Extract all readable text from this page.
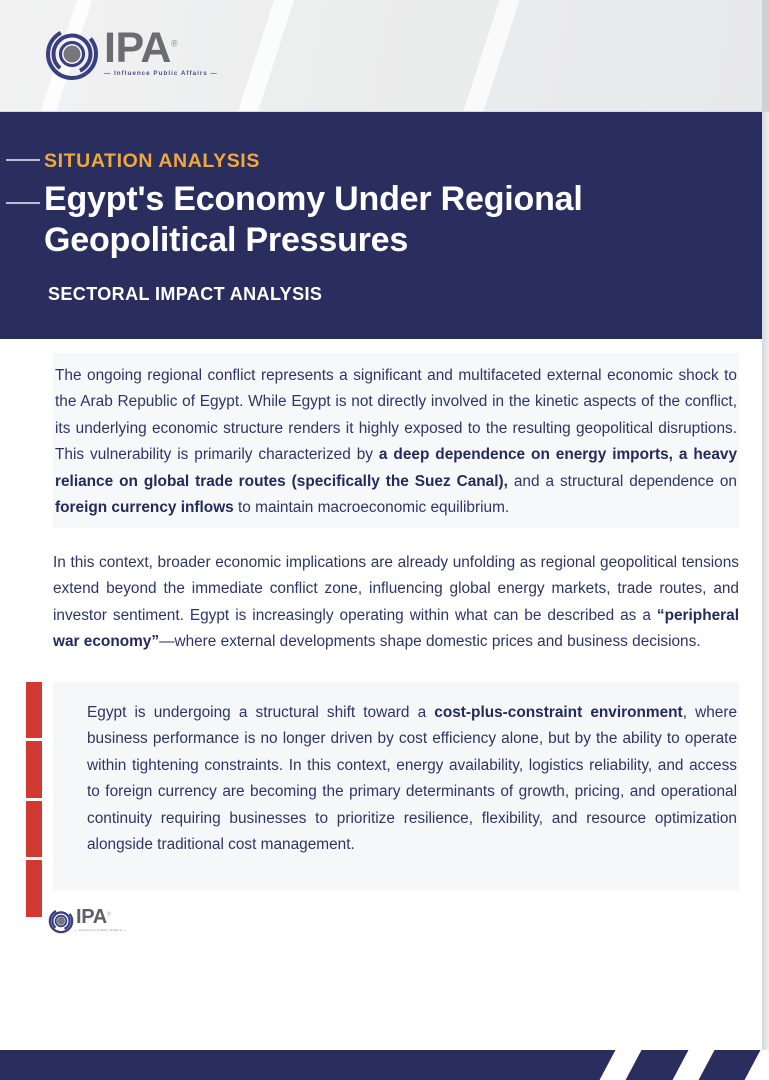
IPA®
— Influence Public Affairs —
SITUATION ANALYSIS
Egypt's Economy Under Regional Geopolitical Pressures
SECTORAL IMPACT ANALYSIS

The ongoing regional conflict represents a significant and multifaceted external economic shock to the Arab Republic of Egypt. While Egypt is not directly involved in the kinetic aspects of the conflict, its underlying economic structure renders it highly exposed to the resulting geopolitical disruptions. This vulnerability is primarily characterized by a deep dependence on energy imports, a heavy reliance on global trade routes (specifically the Suez Canal), and a structural dependence on foreign currency inflows to maintain macroeconomic equilibrium.

In this context, broader economic implications are already unfolding as regional geopolitical tensions extend beyond the immediate conflict zone, influencing global energy markets, trade routes, and investor sentiment. Egypt is increasingly operating within what can be described as a “peripheral war economy”—where external developments shape domestic prices and business decisions.

Egypt is undergoing a structural shift toward a cost-plus-constraint environment, where business performance is no longer driven by cost efficiency alone, but by the ability to operate within tightening constraints. In this context, energy availability, logistics reliability, and access to foreign currency are becoming the primary determinants of growth, pricing, and operational continuity requiring businesses to prioritize resilience, flexibility, and resource optimization alongside traditional cost management.

IPA®
— Influence Public Affairs —
